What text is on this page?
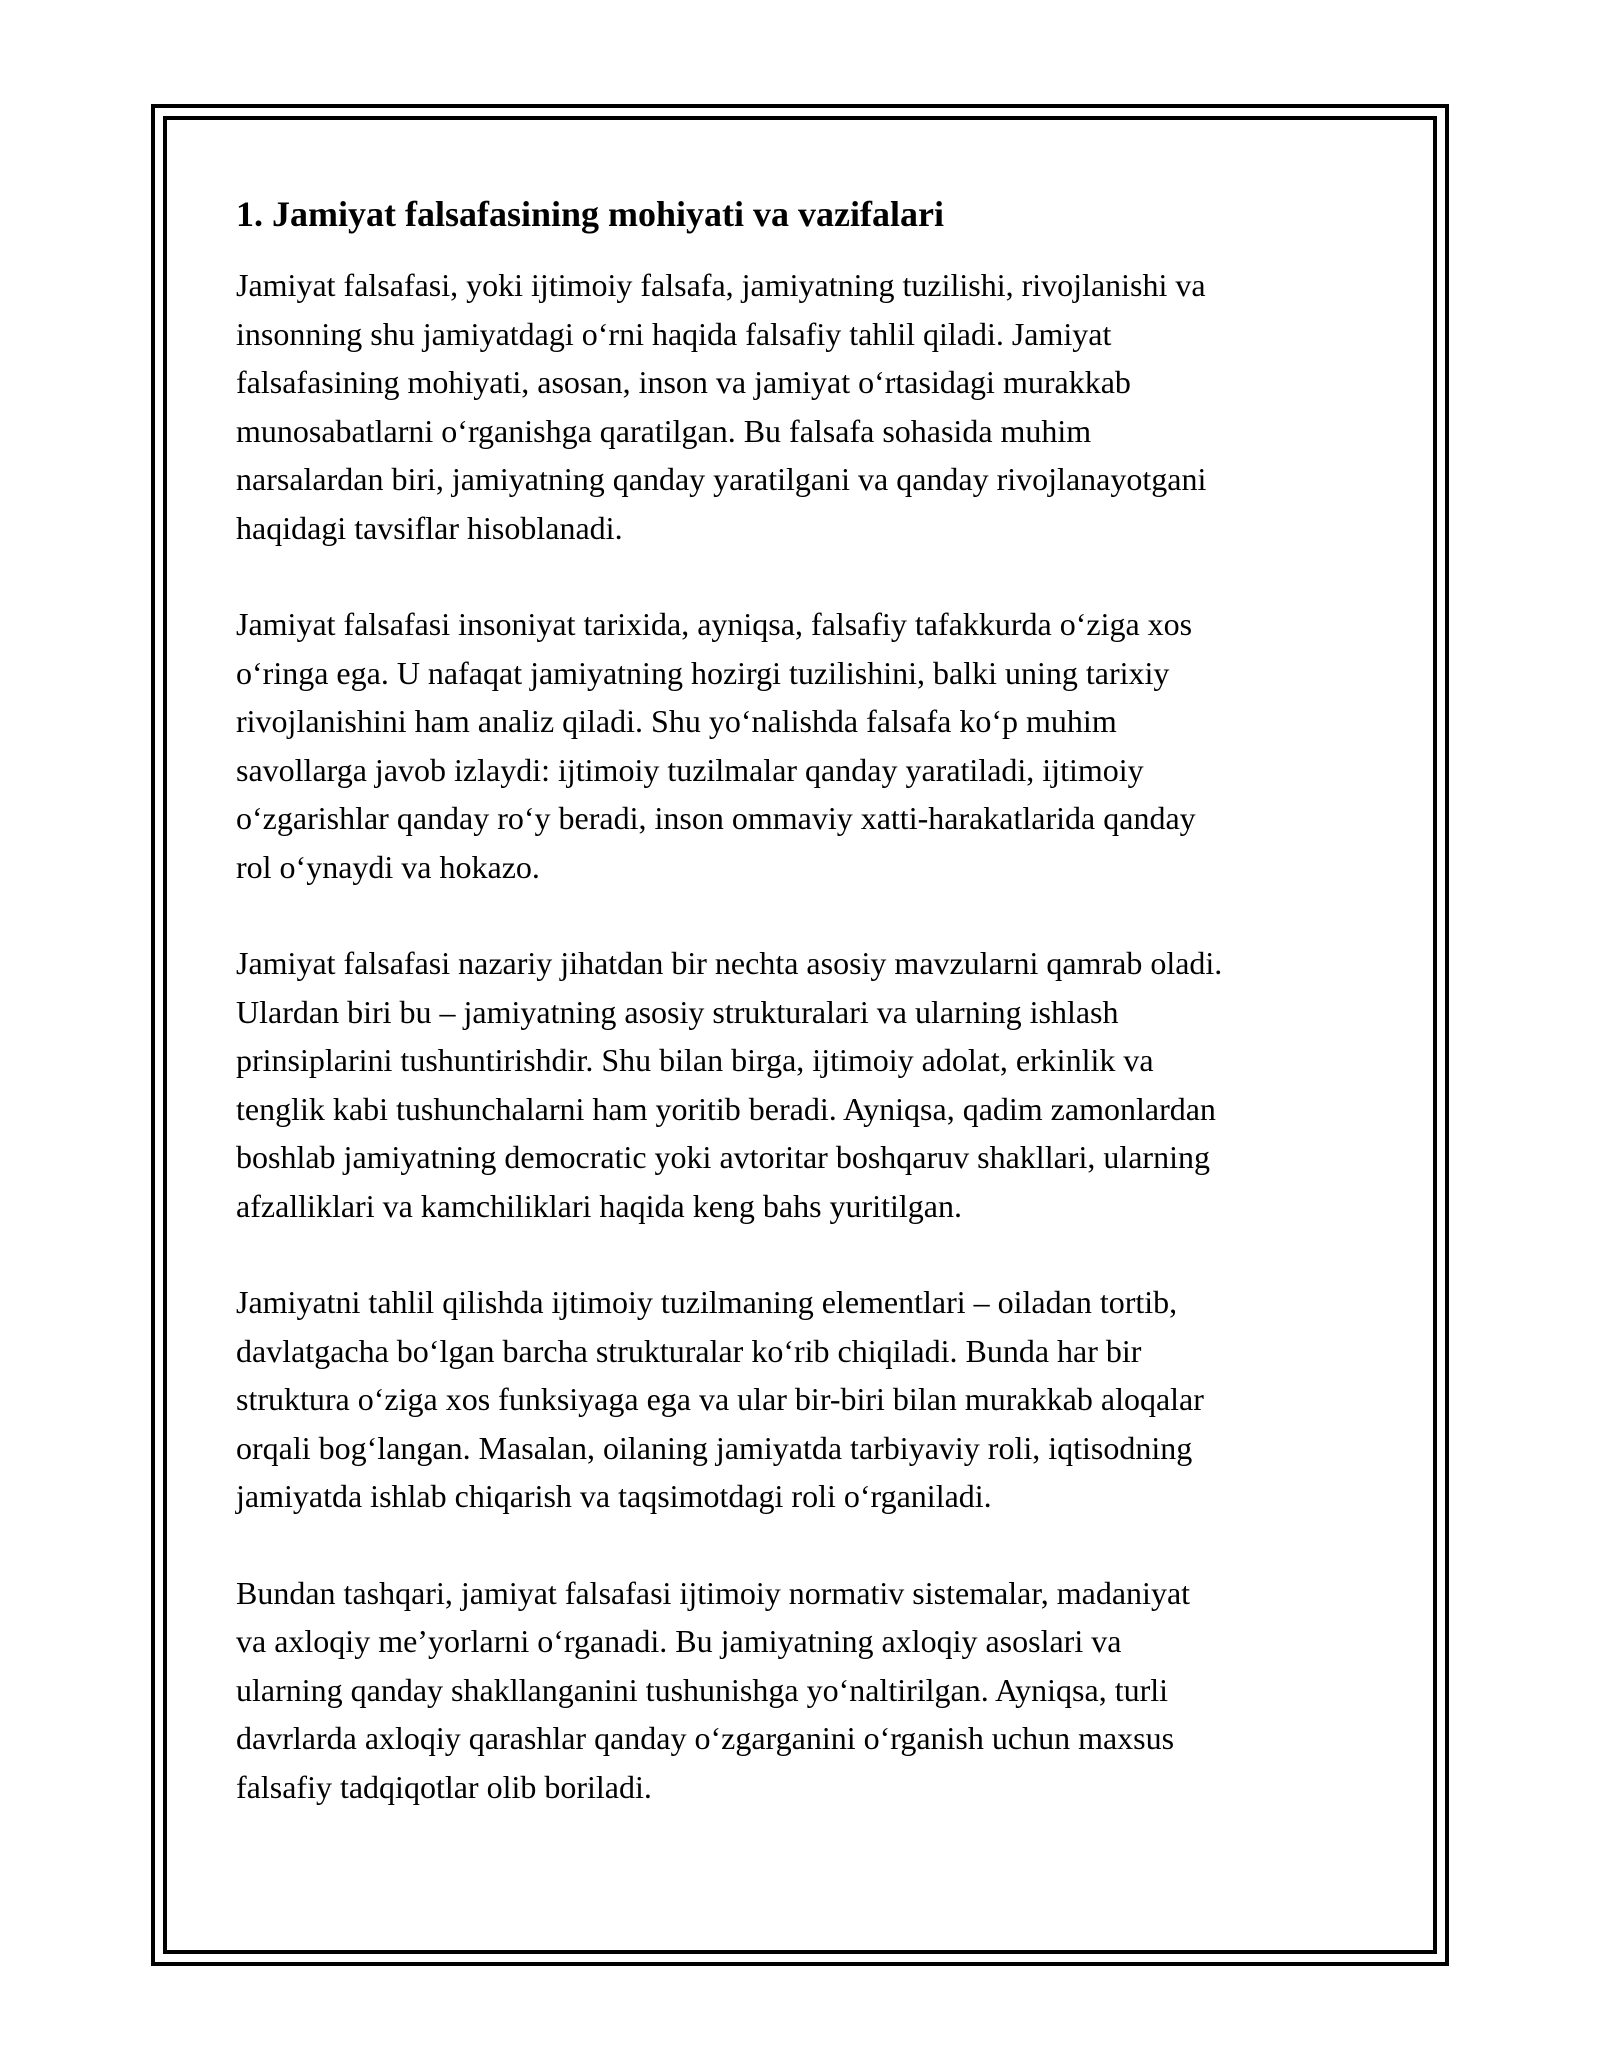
1. Jamiyat falsafasining mohiyati va vazifalari

Jamiyat falsafasi, yoki ijtimoiy falsafa, jamiyatning tuzilishi, rivojlanishi va
insonning shu jamiyatdagi o‘rni haqida falsafiy tahlil qiladi. Jamiyat
falsafasining mohiyati, asosan, inson va jamiyat o‘rtasidagi murakkab
munosabatlarni o‘rganishga qaratilgan. Bu falsafa sohasida muhim
narsalardan biri, jamiyatning qanday yaratilgani va qanday rivojlanayotgani
haqidagi tavsiflar hisoblanadi.

Jamiyat falsafasi insoniyat tarixida, ayniqsa, falsafiy tafakkurda o‘ziga xos
o‘ringa ega. U nafaqat jamiyatning hozirgi tuzilishini, balki uning tarixiy
rivojlanishini ham analiz qiladi. Shu yo‘nalishda falsafa ko‘p muhim
savollarga javob izlaydi: ijtimoiy tuzilmalar qanday yaratiladi, ijtimoiy
o‘zgarishlar qanday ro‘y beradi, inson ommaviy xatti-harakatlarida qanday
rol o‘ynaydi va hokazo.

Jamiyat falsafasi nazariy jihatdan bir nechta asosiy mavzularni qamrab oladi.
Ulardan biri bu – jamiyatning asosiy strukturalari va ularning ishlash
prinsiplarini tushuntirishdir. Shu bilan birga, ijtimoiy adolat, erkinlik va
tenglik kabi tushunchalarni ham yoritib beradi. Ayniqsa, qadim zamonlardan
boshlab jamiyatning democratic yoki avtoritar boshqaruv shakllari, ularning
afzalliklari va kamchiliklari haqida keng bahs yuritilgan.

Jamiyatni tahlil qilishda ijtimoiy tuzilmaning elementlari – oiladan tortib,
davlatgacha bo‘lgan barcha strukturalar ko‘rib chiqiladi. Bunda har bir
struktura o‘ziga xos funksiyaga ega va ular bir-biri bilan murakkab aloqalar
orqali bog‘langan. Masalan, oilaning jamiyatda tarbiyaviy roli, iqtisodning
jamiyatda ishlab chiqarish va taqsimotdagi roli o‘rganiladi.

Bundan tashqari, jamiyat falsafasi ijtimoiy normativ sistemalar, madaniyat
va axloqiy me’yorlarni o‘rganadi. Bu jamiyatning axloqiy asoslari va
ularning qanday shakllanganini tushunishga yo‘naltirilgan. Ayniqsa, turli
davrlarda axloqiy qarashlar qanday o‘zgarganini o‘rganish uchun maxsus
falsafiy tadqiqotlar olib boriladi.
